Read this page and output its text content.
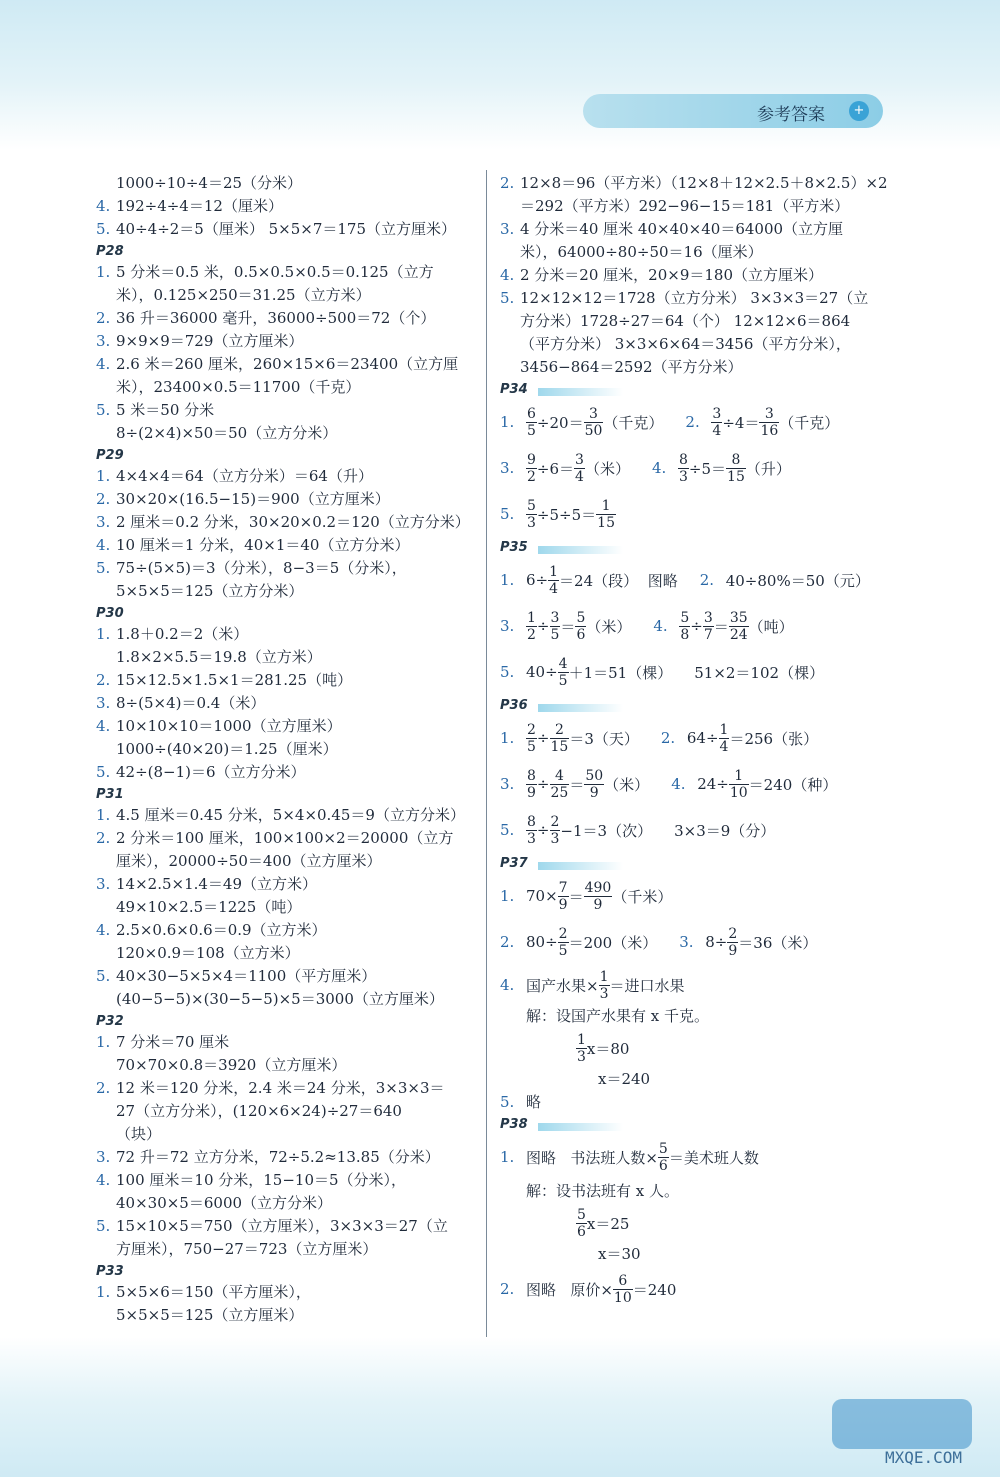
参考答案	+
1000÷10÷4＝25（分米）
4. 192÷4÷4＝12（厘米）
5. 40÷4÷2＝5（厘米） 5×5×7＝175（立方厘米）
P28
1. 5 分米＝0.5 米，0.5×0.5×0.5＝0.125（立方
米），0.125×250＝31.25（立方米）
2. 36 升＝36000 毫升，36000÷500＝72（个）
3. 9×9×9＝729（立方厘米）
4. 2.6 米＝260 厘米，260×15×6＝23400（立方厘
米），23400×0.5＝11700（千克）
5. 5 米＝50 分米
8÷(2×4)×50＝50（立方分米）
P29
1. 4×4×4＝64（立方分米）＝64（升）
2. 30×20×(16.5−15)＝900（立方厘米）
3. 2 厘米＝0.2 分米，30×20×0.2＝120（立方分米）
4. 10 厘米＝1 分米，40×1＝40（立方分米）
5. 75÷(5×5)＝3（分米），8−3＝5（分米），
5×5×5＝125（立方分米）
P30
1. 1.8＋0.2＝2（米）
1.8×2×5.5＝19.8（立方米）
2. 15×12.5×1.5×1＝281.25（吨）
3. 8÷(5×4)＝0.4（米）
4. 10×10×10＝1000（立方厘米）
1000÷(40×20)＝1.25（厘米）
5. 42÷(8−1)＝6（立方分米）
P31
1. 4.5 厘米＝0.45 分米，5×4×0.45＝9（立方分米）
2. 2 分米＝100 厘米，100×100×2＝20000（立方
厘米），20000÷50＝400（立方厘米）
3. 14×2.5×1.4＝49（立方米）
49×10×2.5＝1225（吨）
4. 2.5×0.6×0.6＝0.9（立方米）
120×0.9＝108（立方米）
5. 40×30−5×5×4＝1100（平方厘米）
(40−5−5)×(30−5−5)×5＝3000（立方厘米）
P32
1. 7 分米＝70 厘米
70×70×0.8＝3920（立方厘米）
2. 12 米＝120 分米，2.4 米＝24 分米，3×3×3＝
27（立方分米），(120×6×24)÷27＝640
（块）
3. 72 升＝72 立方分米，72÷5.2≈13.85（分米）
4. 100 厘米＝10 分米，15−10＝5（分米），
40×30×5＝6000（立方分米）
5. 15×10×5＝750（立方厘米），3×3×3＝27（立
方厘米），750−27＝723（立方厘米）
P33
1. 5×5×6＝150（平方厘米），
5×5×5＝125（立方厘米）
2. 12×8＝96（平方米）（12×8＋12×2.5＋8×2.5）×2
＝292（平方米）292−96−15＝181（平方米）
3. 4 分米＝40 厘米 40×40×40＝64000（立方厘
米），64000÷80÷50＝16（厘米）
4. 2 分米＝20 厘米，20×9＝180（立方厘米）
5. 12×12×12＝1728（立方分米） 3×3×3＝27（立
方分米）1728÷27＝64（个） 12×12×6＝864
（平方分米） 3×3×6×64＝3456（平方分米），
3456−864＝2592（平方分米）
P34
1. $\frac{6}{5} \div 20= \frac{3}{50}$ （千克） 2. $\frac{3}{4} \div 4= \frac{3}{16}$ （千克）
3. $\frac{9}{2} \div 6= \frac{3}{4}$ （米） 4. $\frac{8}{3} \div 5= \frac{8}{15}$ （升）
5. $\frac{5}{3} \div 5\div 5= \frac{1}{15}$
P35
1. $6\div \frac{1}{4} =24$ （段）
图略 2. 40÷80%＝50 （元）
3. $\frac{1}{2} \div \frac{3}{5} = \frac{5}{6}$ （米） 4. $\frac{5}{8} \div \frac{3}{7} = \frac{35}{24}$ （吨）
5. $40\div \frac{4}{5} +1=51$ （棵） 51×2＝102 （棵）
P36
1. $\frac{2}{5} \div \frac{2}{15} =3$ （天） 2. $64\div \frac{1}{4} =256$ （张）
3. $\frac{8}{9} \div \frac{4}{25} = \frac{50}{9}$ （米） 4. $24\div \frac{1}{10} =240$ （种）
5. $\frac{8}{3} \div \frac{2}{3} -1=3$ （次） 3×3＝9 （分）
P37
1. $70\times \frac{7}{9} = \frac{490}{9}$ （千米）
2. $80\div \frac{2}{5} =200$ （米） 3. $8\div \frac{2}{9} =36$ （米）
4. 国产水果× $\frac{1}{3}$ ＝进口水果
解：设国产水果有 x 千克。
$\frac{1}{3} x=80$
x＝240
5. 略
P38
1. 图略
书法班人数× $\frac{5}{6}$ ＝美术班人数
解：设书法班有 x 人。
$\frac{5}{6} x=25$
x＝30
2. 图略
原价× $\frac{6}{10} =240$
MXQE.COM
